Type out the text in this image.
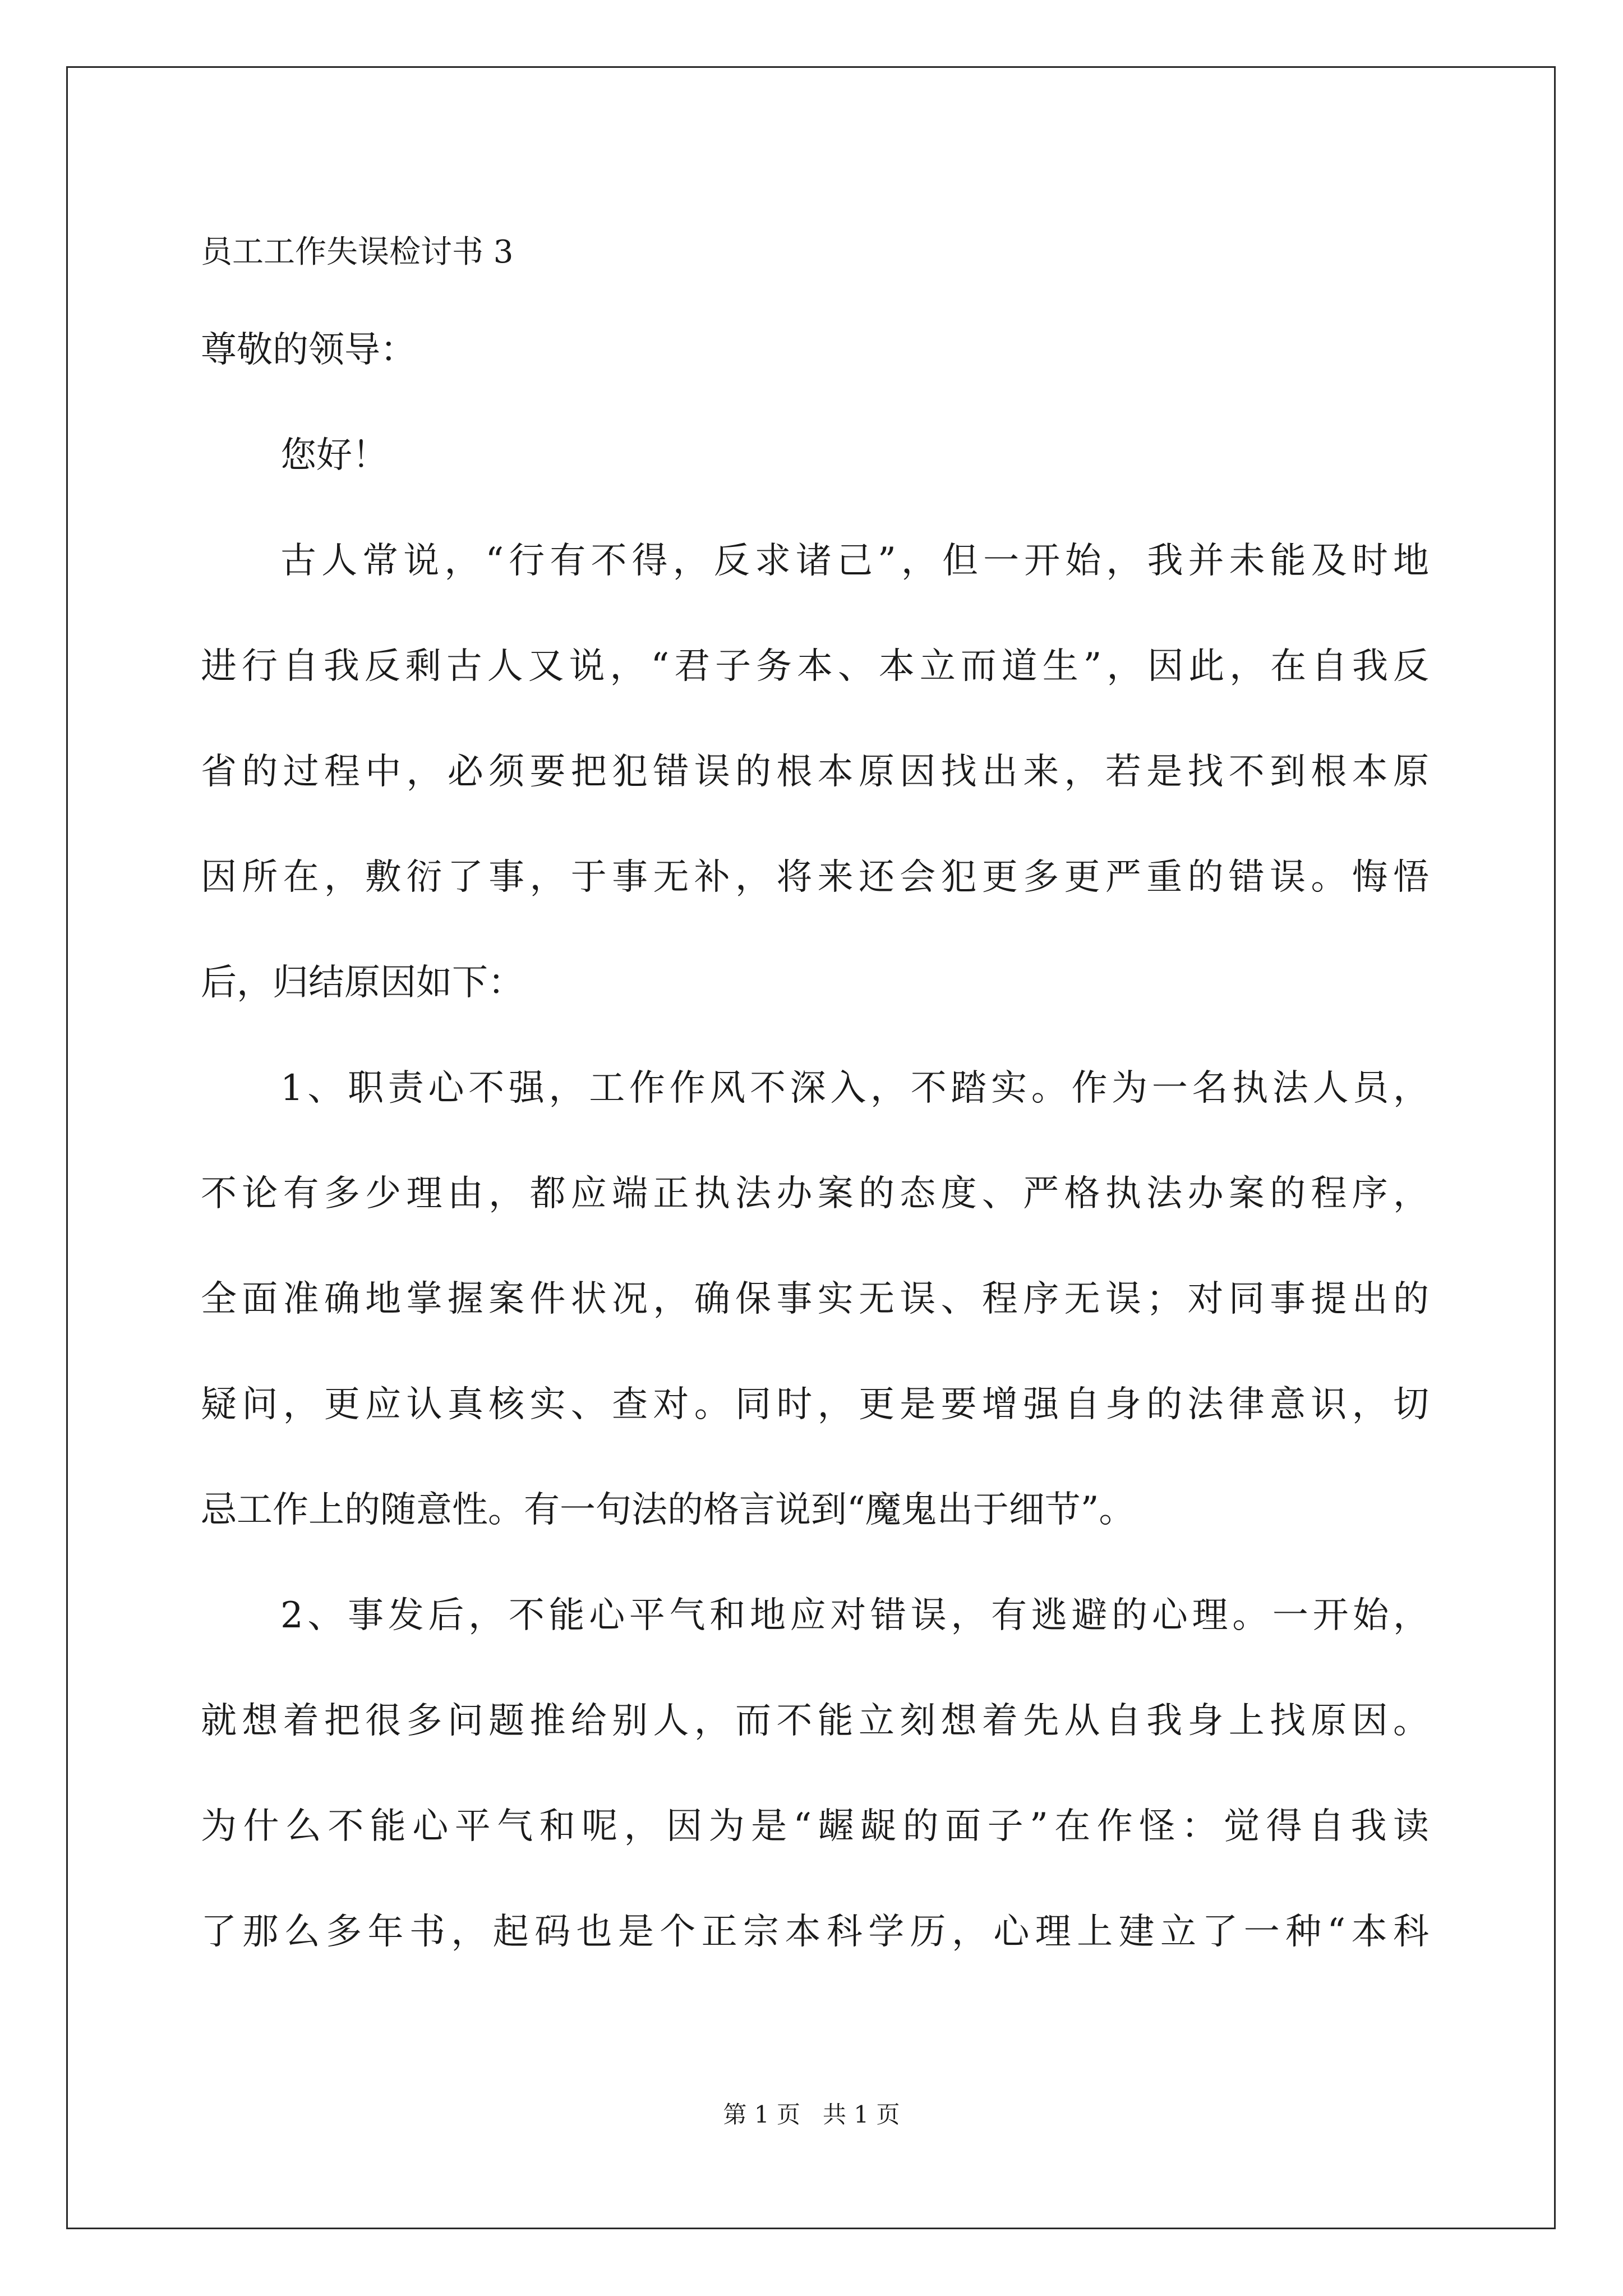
员工工作失误检讨书 3

尊敬的领导：

您好！

古人常说，“行有不得，反求诸己”，但一开始，我并未能及时地
进行自我反剩古人又说，“君子务本、本立而道生”，因此，在自我反
省的过程中，必须要把犯错误的根本原因找出来，若是找不到根本原
因所在，敷衍了事，于事无补，将来还会犯更多更严重的错误。悔悟
后，归结原因如下：
1、职责心不强，工作作风不深入，不踏实。作为一名执法人员，
不论有多少理由，都应端正执法办案的态度、严格执法办案的程序，
全面准确地掌握案件状况，确保事实无误、程序无误；对同事提出的
疑问，更应认真核实、查对。同时，更是要增强自身的法律意识，切
忌工作上的随意性。有一句法的格言说到“魔鬼出于细节”。
2、事发后，不能心平气和地应对错误，有逃避的心理。一开始，
就想着把很多问题推给别人，而不能立刻想着先从自我身上找原因。
为什么不能心平气和呢，因为是“龌龊的面子”在作怪：觉得自我读
了那么多年书，起码也是个正宗本科学历，心理上建立了一种“本科
第 1 页   共 1 页
